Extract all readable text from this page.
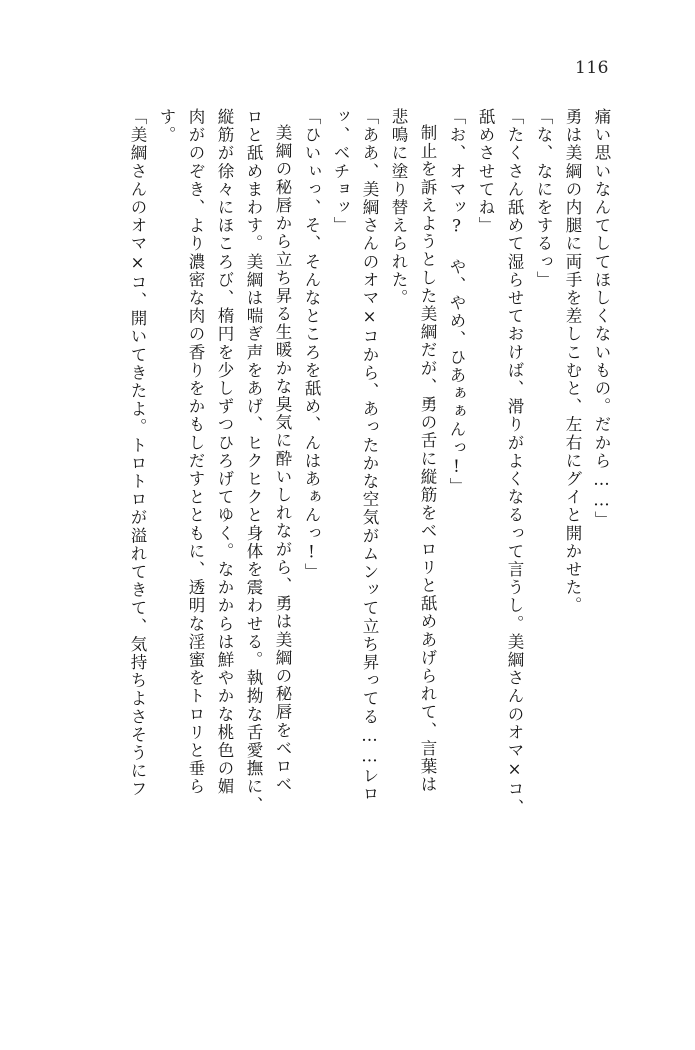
116
痛い思いなんてしてほしくないもの。だから……」
勇は美綱の内腿に両手を差しこむと、左右にグイと開かせた。
「な、なにをするっ」
「たくさん舐めて湿らせておけば、滑りがよくなるって言うし。美綱さんのオマ×コ、
舐めさせてね」
「お、オマッ? や、やめ、ひあぁぁんっ!」
制止を訴えようとした美綱だが、勇の舌に縦筋をベロリと舐めあげられて、言葉は
悲鳴に塗り替えられた。
「ああ、美綱さんのオマ×コから、あったかな空気がムンッて立ち昇ってる……レロ
ッ、ベチョッ」
「ひいぃっ、そ、そんなところを舐め、んはあぁんっ!」
美綱の秘唇から立ち昇る生暖かな臭気に酔いしれながら、勇は美綱の秘唇をベロベ
ロと舐めまわす。美綱は喘ぎ声をあげ、ヒクヒクと身体を震わせる。執拗な舌愛撫に、
縦筋が徐々にほころび、楕円を少しずつひろげてゆく。なかからは鮮やかな桃色の媚
肉がのぞき、より濃密な肉の香りをかもしだすとともに、透明な淫蜜をトロリと垂ら
す。
「美綱さんのオマ×コ、開いてきたよ。トロトロが溢れてきて、気持ちよさそうにフ
